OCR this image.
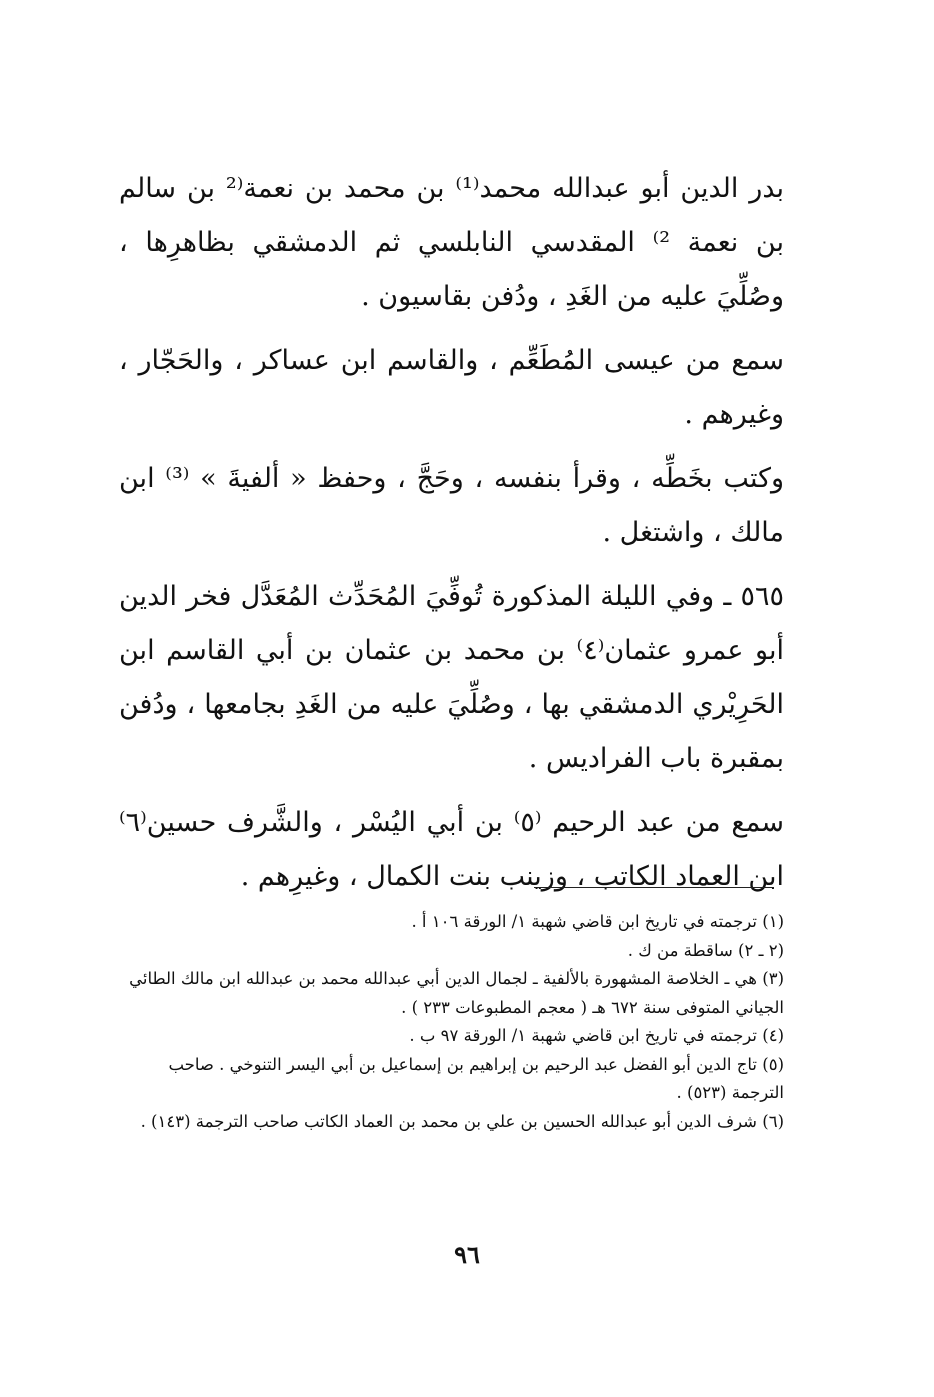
بدر الدين أبو عبدالله محمد⁽¹⁾ بن محمد بن نعمة⁽² بن سالم بن نعمة ²⁾ المقدسي النابلسي ثم الدمشقي بظاهرِها ، وصُلِّيَ عليه من الغَدِ ، ودُفن بقاسيون .

سمع من عيسى المُطَعِّم ، والقاسم ابن عساكر ، والحَجّار ، وغيرهم .

وكتب بخَطِّه ، وقرأ بنفسه ، وحَجَّ ، وحفظ « ألفيةَ » ⁽³⁾ ابن مالك ، واشتغل .

٥٦٥ ـ وفي الليلة المذكورة تُوفِّيَ المُحَدِّث المُعَدَّل فخر الدين أبو عمرو عثمان⁽٤⁾ بن محمد بن عثمان بن أبي القاسم ابن الحَرِيْري الدمشقي بها ، وصُلِّيَ عليه من الغَدِ بجامعها ، ودُفن بمقبرة باب الفراديس .

سمع من عبد الرحيم ⁽٥⁾ بن أبي اليُسْر ، والشَّرف حسين⁽٦⁾ ابن العماد الكاتب ، وزينب بنت الكمال ، وغيرِهم .

(١) ترجمته في تاريخ ابن قاضي شهبة ١/ الورقة ١٠٦ أ .

(٢ ـ ٢) ساقطة من ك .

(٣) هي ـ الخلاصة المشهورة بالألفية ـ لجمال الدين أبي عبدالله محمد بن عبدالله ابن مالك الطائي الجياني المتوفى سنة ٦٧٢ هـ ( معجم المطبوعات ٢٣٣ ) .

(٤) ترجمته في تاريخ ابن قاضي شهبة ١/ الورقة ٩٧ ب .

(٥) تاج الدين أبو الفضل عبد الرحيم بن إبراهيم بن إسماعيل بن أبي اليسر التنوخي . صاحب الترجمة (٥٢٣) .

(٦) شرف الدين أبو عبدالله الحسين بن علي بن محمد بن العماد الكاتب صاحب الترجمة (١٤٣) .

٩٦
